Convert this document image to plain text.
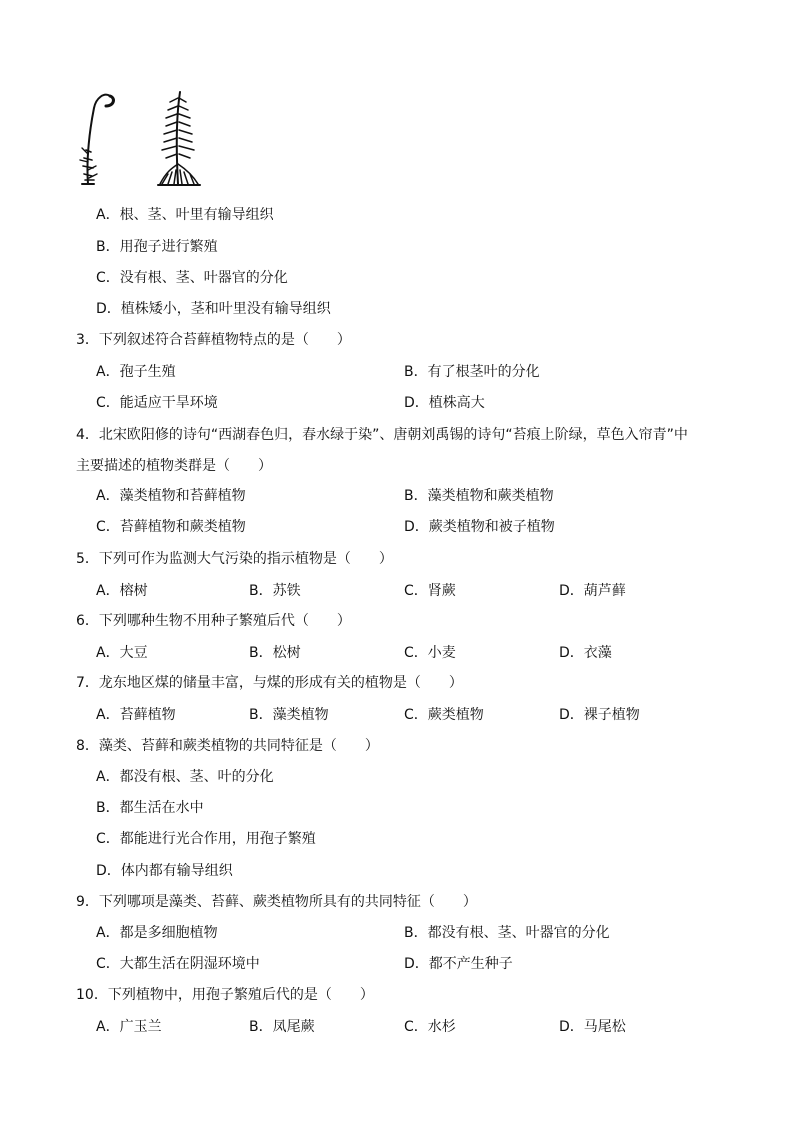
A．根、茎、叶里有输导组织
B．用孢子进行繁殖
C．没有根、茎、叶器官的分化
D．植株矮小，茎和叶里没有输导组织
3．下列叙述符合苔藓植物特点的是（　　）
A．孢子生殖	B．有了根茎叶的分化
C．能适应干旱环境	D．植株高大
4．北宋欧阳修的诗句“西湖春色归，春水绿于染”、唐朝刘禹锡的诗句“苔痕上阶绿，草色入帘青”中
主要描述的植物类群是（　　）
A．藻类植物和苔藓植物	B．藻类植物和蕨类植物
C．苔藓植物和蕨类植物	D．蕨类植物和被子植物
5．下列可作为监测大气污染的指示植物是（　　）
A．榕树	B．苏铁	C．肾蕨	D．葫芦藓
6．下列哪种生物不用种子繁殖后代（　　）
A．大豆	B．松树	C．小麦	D．衣藻
7．龙东地区煤的储量丰富，与煤的形成有关的植物是（　　）
A．苔藓植物	B．藻类植物	C．蕨类植物	D．裸子植物
8．藻类、苔藓和蕨类植物的共同特征是（　　）
A．都没有根、茎、叶的分化
B．都生活在水中
C．都能进行光合作用，用孢子繁殖
D．体内都有输导组织
9．下列哪项是藻类、苔藓、蕨类植物所具有的共同特征（　　）
A．都是多细胞植物	B．都没有根、茎、叶器官的分化
C．大都生活在阴湿环境中	D．都不产生种子
10．下列植物中，用孢子繁殖后代的是（　　）
A．广玉兰	B．凤尾蕨	C．水杉	D．马尾松
